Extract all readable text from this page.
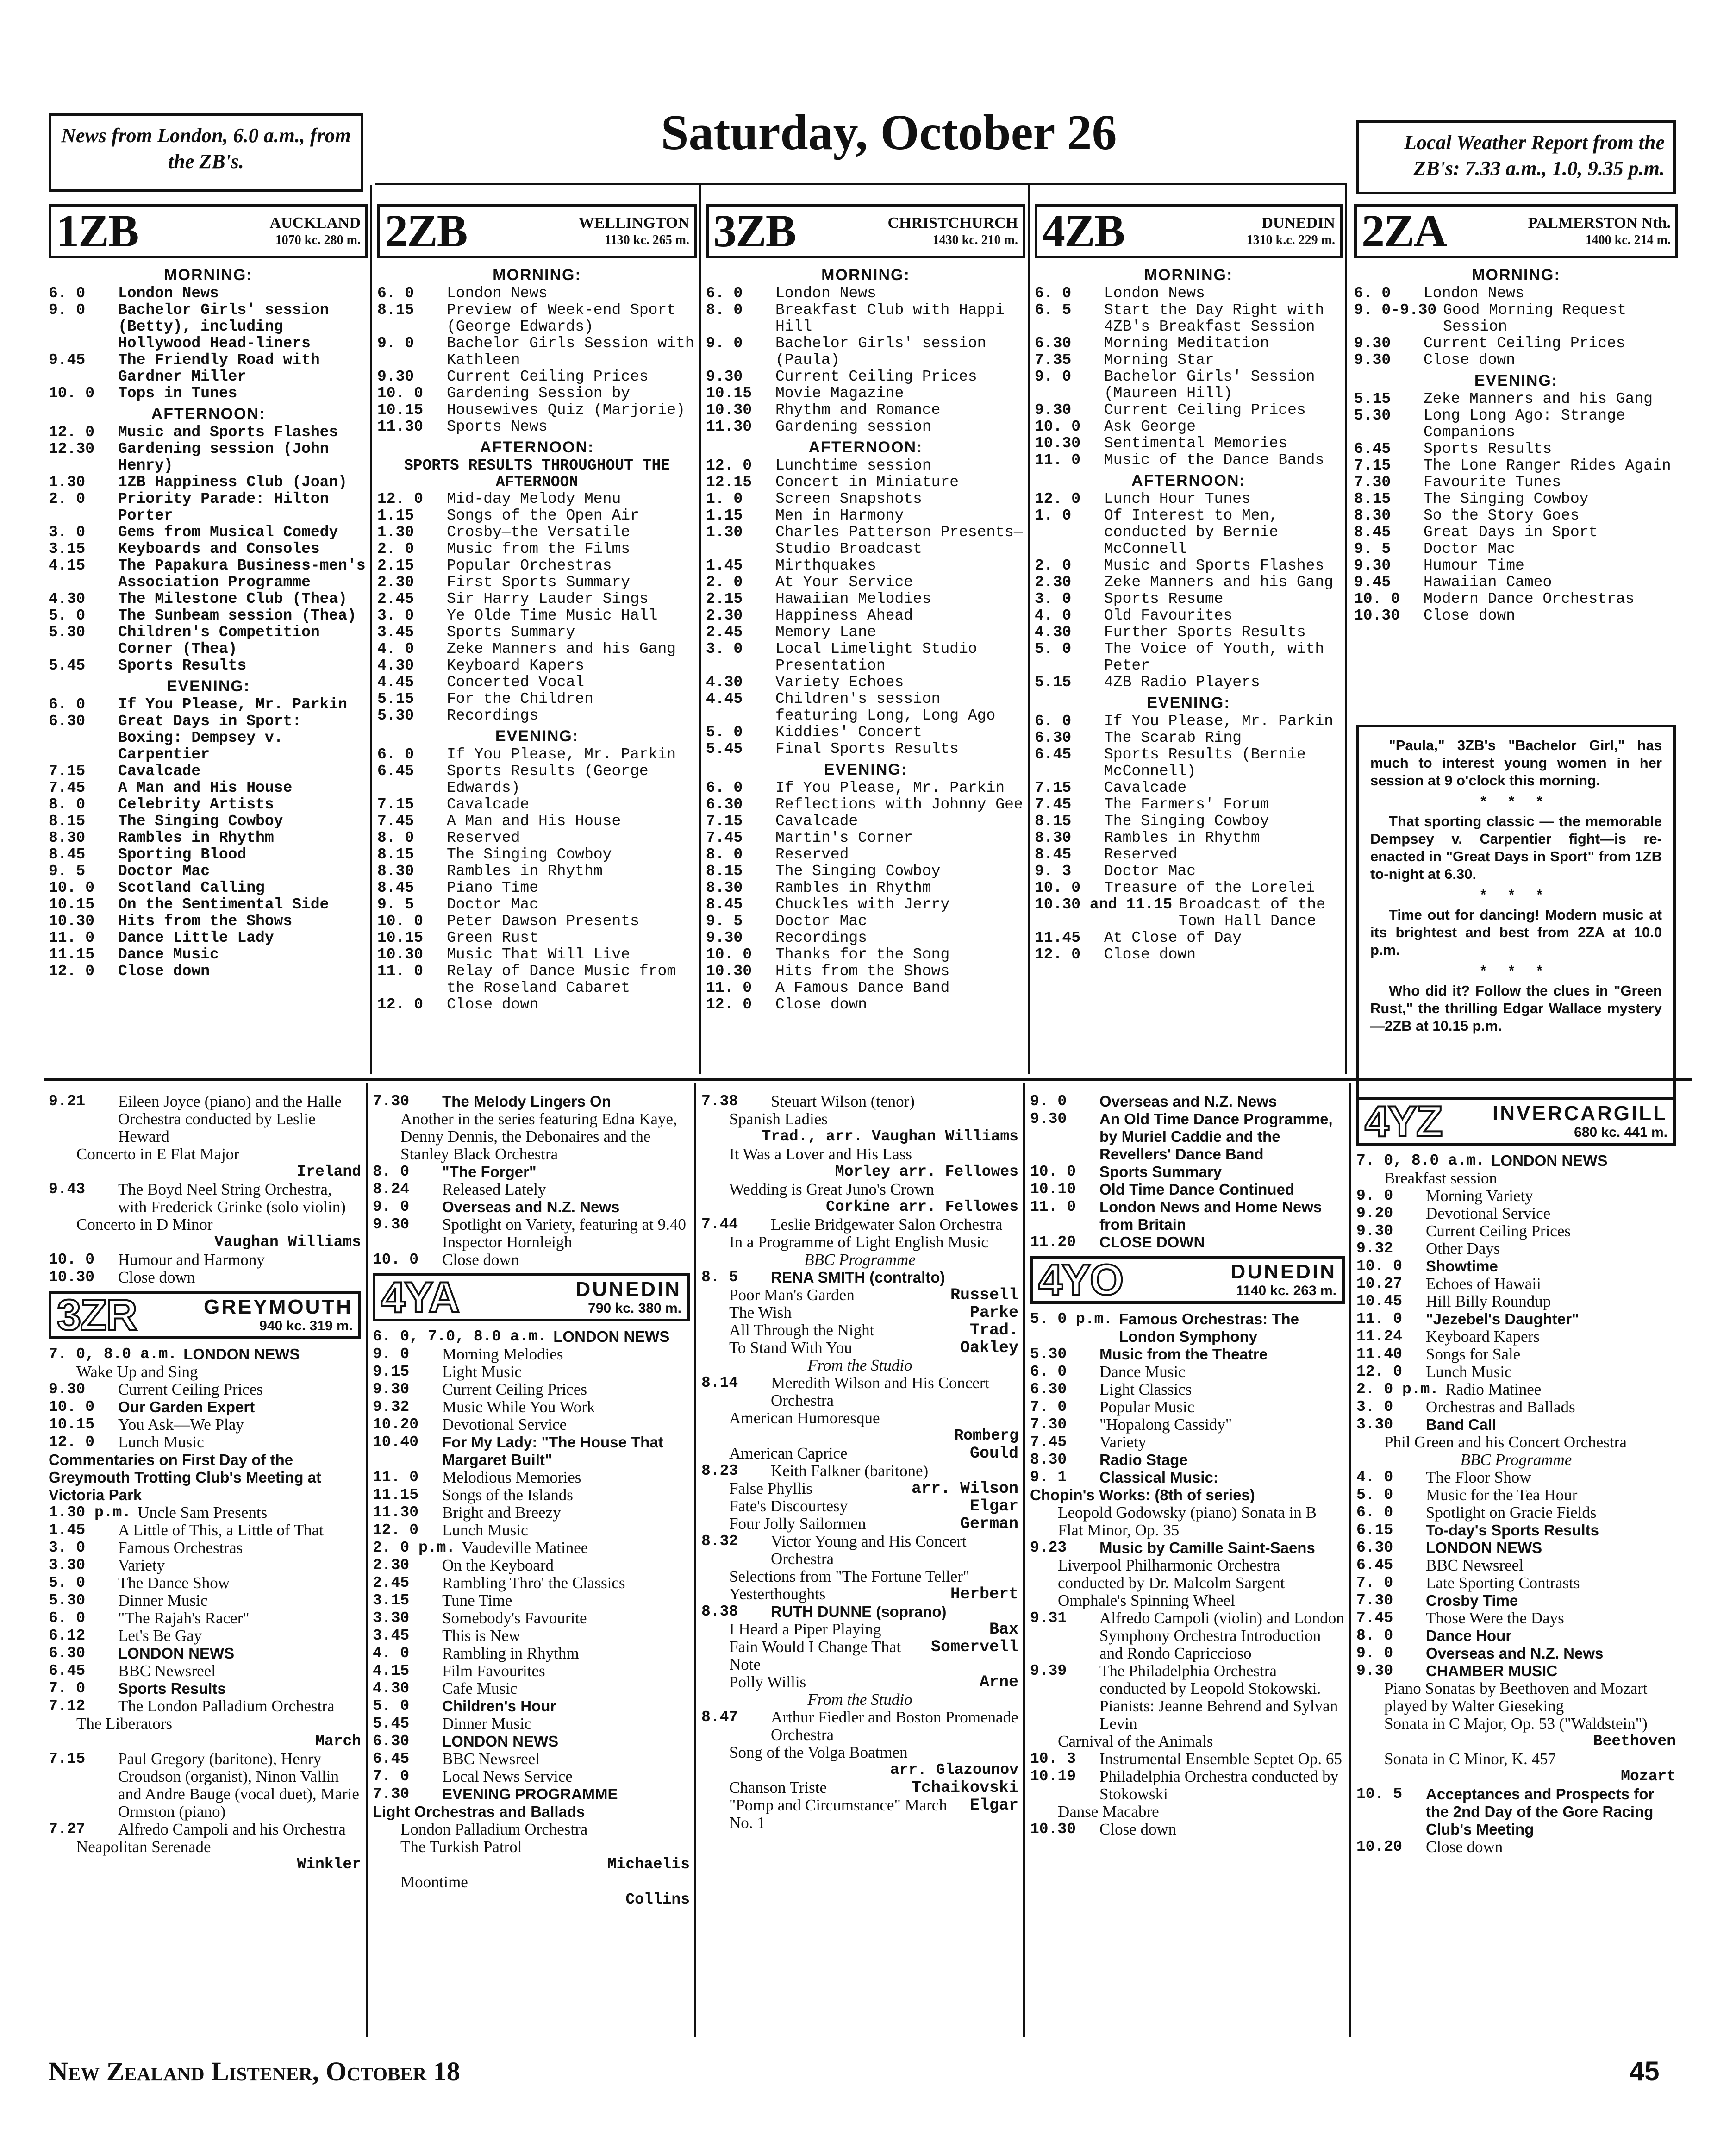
News from London, 6.0 a.m., from the ZB's.
Saturday, October 26	Local Weather Report from the ZB's: 7.33 a.m., 1.0, 9.35 p.m.
1ZB	AUCKLAND
1070 kc. 280 m.
MORNING:
6. 0	London News
9. 0	Bachelor Girls' session (Betty), including Hollywood Head-liners
9.45	The Friendly Road with Gardner Miller
10. 0	Tops in Tunes
AFTERNOON:
12. 0	Music and Sports Flashes
12.30	Gardening session (John Henry)
1.30	1ZB Happiness Club (Joan)
2. 0	Priority Parade: Hilton Porter
3. 0	Gems from Musical Comedy
3.15	Keyboards and Consoles
4.15	The Papakura Business-men's Association Programme
4.30	The Milestone Club (Thea)
5. 0	The Sunbeam session (Thea)
5.30	Children's Competition Corner (Thea)
5.45	Sports Results
EVENING:
6. 0	If You Please, Mr. Parkin
6.30	Great Days in Sport: Boxing: Dempsey v. Carpentier
7.15	Cavalcade
7.45	A Man and His House
8. 0	Celebrity Artists
8.15	The Singing Cowboy
8.30	Rambles in Rhythm
8.45	Sporting Blood
9. 5	Doctor Mac
10. 0	Scotland Calling
10.15	On the Sentimental Side
10.30	Hits from the Shows
11. 0	Dance Little Lady
11.15	Dance Music
12. 0	Close down
2ZB	WELLINGTON
1130 kc. 265 m.
MORNING:
6. 0	London News
8.15	Preview of Week-end Sport (George Edwards)
9. 0	Bachelor Girls Session with Kathleen
9.30	Current Ceiling Prices
10. 0	Gardening Session by
10.15	Housewives Quiz (Marjorie)
11.30	Sports News
AFTERNOON:
SPORTS RESULTS THROUGHOUT THE AFTERNOON
12. 0	Mid-day Melody Menu
1.15	Songs of the Open Air
1.30	Crosby—the Versatile
2. 0	Music from the Films
2.15	Popular Orchestras
2.30	First Sports Summary
2.45	Sir Harry Lauder Sings
3. 0	Ye Olde Time Music Hall
3.45	Sports Summary
4. 0	Zeke Manners and his Gang
4.30	Keyboard Kapers
4.45	Concerted Vocal
5.15	For the Children
5.30	Recordings
EVENING:
6. 0	If You Please, Mr. Parkin
6.45	Sports Results (George Edwards)
7.15	Cavalcade
7.45	A Man and His House
8. 0	Reserved
8.15	The Singing Cowboy
8.30	Rambles in Rhythm
8.45	Piano Time
9. 5	Doctor Mac
10. 0	Peter Dawson Presents
10.15	Green Rust
10.30	Music That Will Live
11. 0	Relay of Dance Music from the Roseland Cabaret
12. 0	Close down
3ZB	CHRISTCHURCH
1430 kc. 210 m.
MORNING:
6. 0	London News
8. 0	Breakfast Club with Happi Hill
9. 0	Bachelor Girls' session (Paula)
9.30	Current Ceiling Prices
10.15	Movie Magazine
10.30	Rhythm and Romance
11.30	Gardening session
AFTERNOON:
12. 0	Lunchtime session
12.15	Concert in Miniature
1. 0	Screen Snapshots
1.15	Men in Harmony
1.30	Charles Patterson Presents—Studio Broadcast
1.45	Mirthquakes
2. 0	At Your Service
2.15	Hawaiian Melodies
2.30	Happiness Ahead
2.45	Memory Lane
3. 0	Local Limelight Studio Presentation
4.30	Variety Echoes
4.45	Children's session featuring Long, Long Ago
5. 0	Kiddies' Concert
5.45	Final Sports Results
EVENING:
6. 0	If You Please, Mr. Parkin
6.30	Reflections with Johnny Gee
7.15	Cavalcade
7.45	Martin's Corner
8. 0	Reserved
8.15	The Singing Cowboy
8.30	Rambles in Rhythm
8.45	Chuckles with Jerry
9. 5	Doctor Mac
9.30	Recordings
10. 0	Thanks for the Song
10.30	Hits from the Shows
11. 0	A Famous Dance Band
12. 0	Close down
4ZB	DUNEDIN
1310 k.c. 229 m.
MORNING:
6. 0	London News
6. 5	Start the Day Right with 4ZB's Breakfast Session
6.30	Morning Meditation
7.35	Morning Star
9. 0	Bachelor Girls' Session (Maureen Hill)
9.30	Current Ceiling Prices
10. 0	Ask George
10.30	Sentimental Memories
11. 0	Music of the Dance Bands
AFTERNOON:
12. 0	Lunch Hour Tunes
1. 0	Of Interest to Men, conducted by Bernie McConnell
2. 0	Music and Sports Flashes
2.30	Zeke Manners and his Gang
3. 0	Sports Resume
4. 0	Old Favourites
4.30	Further Sports Results
5. 0	The Voice of Youth, with Peter
5.15	4ZB Radio Players
EVENING:
6. 0	If You Please, Mr. Parkin
6.30	The Scarab Ring
6.45	Sports Results (Bernie McConnell)
7.15	Cavalcade
7.45	The Farmers' Forum
8.15	The Singing Cowboy
8.30	Rambles in Rhythm
8.45	Reserved
9. 3	Doctor Mac
10. 0	Treasure of the Lorelei
10.30 and 11.15 Broadcast of the Town Hall Dance
11.45	At Close of Day
12. 0	Close down
2ZA	PALMERSTON Nth.
1400 kc. 214 m.
MORNING:
6. 0	London News
9. 0-9.30 Good Morning Request Session
9.30	Current Ceiling Prices
9.30	Close down
EVENING:
5.15	Zeke Manners and his Gang
5.30	Long Long Ago: Strange Companions
6.45	Sports Results
7.15	The Lone Ranger Rides Again
7.30	Favourite Tunes
8.15	The Singing Cowboy
8.30	So the Story Goes
8.45	Great Days in Sport
9. 5	Doctor Mac
9.30	Humour Time
9.45	Hawaiian Cameo
10. 0	Modern Dance Orchestras
10.30	Close down

"Paula," 3ZB's "Bachelor Girl," has much to interest young women in her session at 9 o'clock this morning.

* * *

That sporting classic — the memorable Dempsey v. Carpentier fight—is re-enacted in "Great Days in Sport" from 1ZB to-night at 6.30.

* * *

Time out for dancing! Modern music at its brightest and best from 2ZA at 10.0 p.m.

* * *

Who did it? Follow the clues in "Green Rust," the thrilling Edgar Wallace mystery—2ZB at 10.15 p.m.

9.21	Eileen Joyce (piano) and the Halle Orchestra conducted by Leslie Heward
Concerto in E Flat Major
Ireland
9.43	The Boyd Neel String Orchestra, with Frederick Grinke (solo violin)
Concerto in D Minor
Vaughan Williams
10. 0	Humour and Harmony
10.30	Close down
3ZR	GREYMOUTH
940 kc. 319 m.
7. 0, 8.0 a.m. LONDON NEWS
Wake Up and Sing
9.30	Current Ceiling Prices
10. 0	Our Garden Expert
10.15	You Ask—We Play
12. 0	Lunch Music
Commentaries on First Day of the Greymouth Trotting Club's Meeting at Victoria Park
1.30 p.m. Uncle Sam Presents
1.45	A Little of This, a Little of That
3. 0	Famous Orchestras
3.30	Variety
5. 0	The Dance Show
5.30	Dinner Music
6. 0	"The Rajah's Racer"
6.12	Let's Be Gay
6.30	LONDON NEWS
6.45	BBC Newsreel
7. 0	Sports Results
7.12	The London Palladium Orchestra
The Liberators
March
7.15	Paul Gregory (baritone), Henry Croudson (organist), Ninon Vallin and Andre Bauge (vocal duet), Marie Ormston (piano)
7.27	Alfredo Campoli and his Orchestra
Neapolitan Serenade
Winkler
7.30	The Melody Lingers On
Another in the series featuring Edna Kaye, Denny Dennis, the Debonaires and the Stanley Black Orchestra
8. 0	"The Forger"
8.24	Released Lately
9. 0	Overseas and N.Z. News
9.30	Spotlight on Variety, featuring at 9.40 Inspector Hornleigh
10. 0	Close down
4YA	DUNEDIN
790 kc. 380 m.
6. 0, 7.0, 8.0 a.m. LONDON NEWS
9. 0	Morning Melodies
9.15	Light Music
9.30	Current Ceiling Prices
9.32	Music While You Work
10.20	Devotional Service
10.40	For My Lady: "The House That Margaret Built"
11. 0	Melodious Memories
11.15	Songs of the Islands
11.30	Bright and Breezy
12. 0	Lunch Music
2. 0 p.m. Vaudeville Matinee
2.30	On the Keyboard
2.45	Rambling Thro' the Classics
3.15	Tune Time
3.30	Somebody's Favourite
3.45	This is New
4. 0	Rambling in Rhythm
4.15	Film Favourites
4.30	Cafe Music
5. 0	Children's Hour
5.45	Dinner Music
6.30	LONDON NEWS
6.45	BBC Newsreel
7. 0	Local News Service
7.30	EVENING PROGRAMME
Light Orchestras and Ballads
London Palladium Orchestra
The Turkish Patrol
Michaelis
Moontime
Collins
7.38	Steuart Wilson (tenor)
Spanish Ladies
Trad., arr. Vaughan Williams
It Was a Lover and His Lass
Morley arr. Fellowes
Wedding is Great Juno's Crown
Corkine arr. Fellowes
7.44	Leslie Bridgewater Salon Orchestra
In a Programme of Light English Music
BBC Programme
8. 5	RENA SMITH (contralto)
Poor Man's Garden	Russell
The Wish	Parke
All Through the Night	Trad.
To Stand With You	Oakley
From the Studio
8.14	Meredith Wilson and His Concert Orchestra
American Humoresque
Romberg
American Caprice	Gould
8.23	Keith Falkner (baritone)
False Phyllis	arr. Wilson
Fate's Discourtesy	Elgar
Four Jolly Sailormen	German
8.32	Victor Young and His Concert Orchestra
Selections from "The Fortune Teller"
Yesterthoughts	Herbert
8.38	RUTH DUNNE (soprano)
I Heard a Piper Playing	Bax
Fain Would I Change That Note
Somervell
Polly Willis	Arne
From the Studio
8.47	Arthur Fiedler and Boston Promenade Orchestra
Song of the Volga Boatmen
arr. Glazounov
Chanson Triste	Tchaikovski
"Pomp and Circumstance" March No. 1
Elgar
9. 0	Overseas and N.Z. News
9.30	An Old Time Dance Programme, by Muriel Caddie and the Revellers' Dance Band
10. 0	Sports Summary
10.10	Old Time Dance Continued
11. 0	London News and Home News from Britain
11.20	CLOSE DOWN
4YO	DUNEDIN
1140 kc. 263 m.
5. 0 p.m. Famous Orchestras: The London Symphony
5.30	Music from the Theatre
6. 0	Dance Music
6.30	Light Classics
7. 0	Popular Music
7.30	"Hopalong Cassidy"
7.45	Variety
8.30	Radio Stage
9. 1	Classical Music:
Chopin's Works: (8th of series)
Leopold Godowsky (piano) Sonata in B Flat Minor, Op. 35
9.23	Music by Camille Saint-Saens
Liverpool Philharmonic Orchestra conducted by Dr. Malcolm Sargent
Omphale's Spinning Wheel
9.31	Alfredo Campoli (violin) and London Symphony Orchestra Introduction and Rondo Capriccioso
9.39	The Philadelphia Orchestra conducted by Leopold Stokowski. Pianists: Jeanne Behrend and Sylvan Levin
Carnival of the Animals
10. 3	Instrumental Ensemble Septet Op. 65
10.19	Philadelphia Orchestra conducted by Stokowski
Danse Macabre
10.30	Close down
4YZ	INVERCARGILL
680 kc. 441 m.
7. 0, 8.0 a.m. LONDON NEWS
Breakfast session
9. 0	Morning Variety
9.20	Devotional Service
9.30	Current Ceiling Prices
9.32	Other Days
10. 0	Showtime
10.27	Echoes of Hawaii
10.45	Hill Billy Roundup
11. 0	"Jezebel's Daughter"
11.24	Keyboard Kapers
11.40	Songs for Sale
12. 0	Lunch Music
2. 0 p.m. Radio Matinee
3. 0	Orchestras and Ballads
3.30	Band Call
Phil Green and his Concert Orchestra
BBC Programme
4. 0	The Floor Show
5. 0	Music for the Tea Hour
6. 0	Spotlight on Gracie Fields
6.15	To-day's Sports Results
6.30	LONDON NEWS
6.45	BBC Newsreel
7. 0	Late Sporting Contrasts
7.30	Crosby Time
7.45	Those Were the Days
8. 0	Dance Hour
9. 0	Overseas and N.Z. News
9.30	CHAMBER MUSIC
Piano Sonatas by Beethoven and Mozart played by Walter Gieseking
Sonata in C Major, Op. 53 ("Waldstein")
Beethoven
Sonata in C Minor, K. 457
Mozart
10. 5	Acceptances and Prospects for the 2nd Day of the Gore Racing Club's Meeting
10.20	Close down
New Zealand Listener, October 18	45
